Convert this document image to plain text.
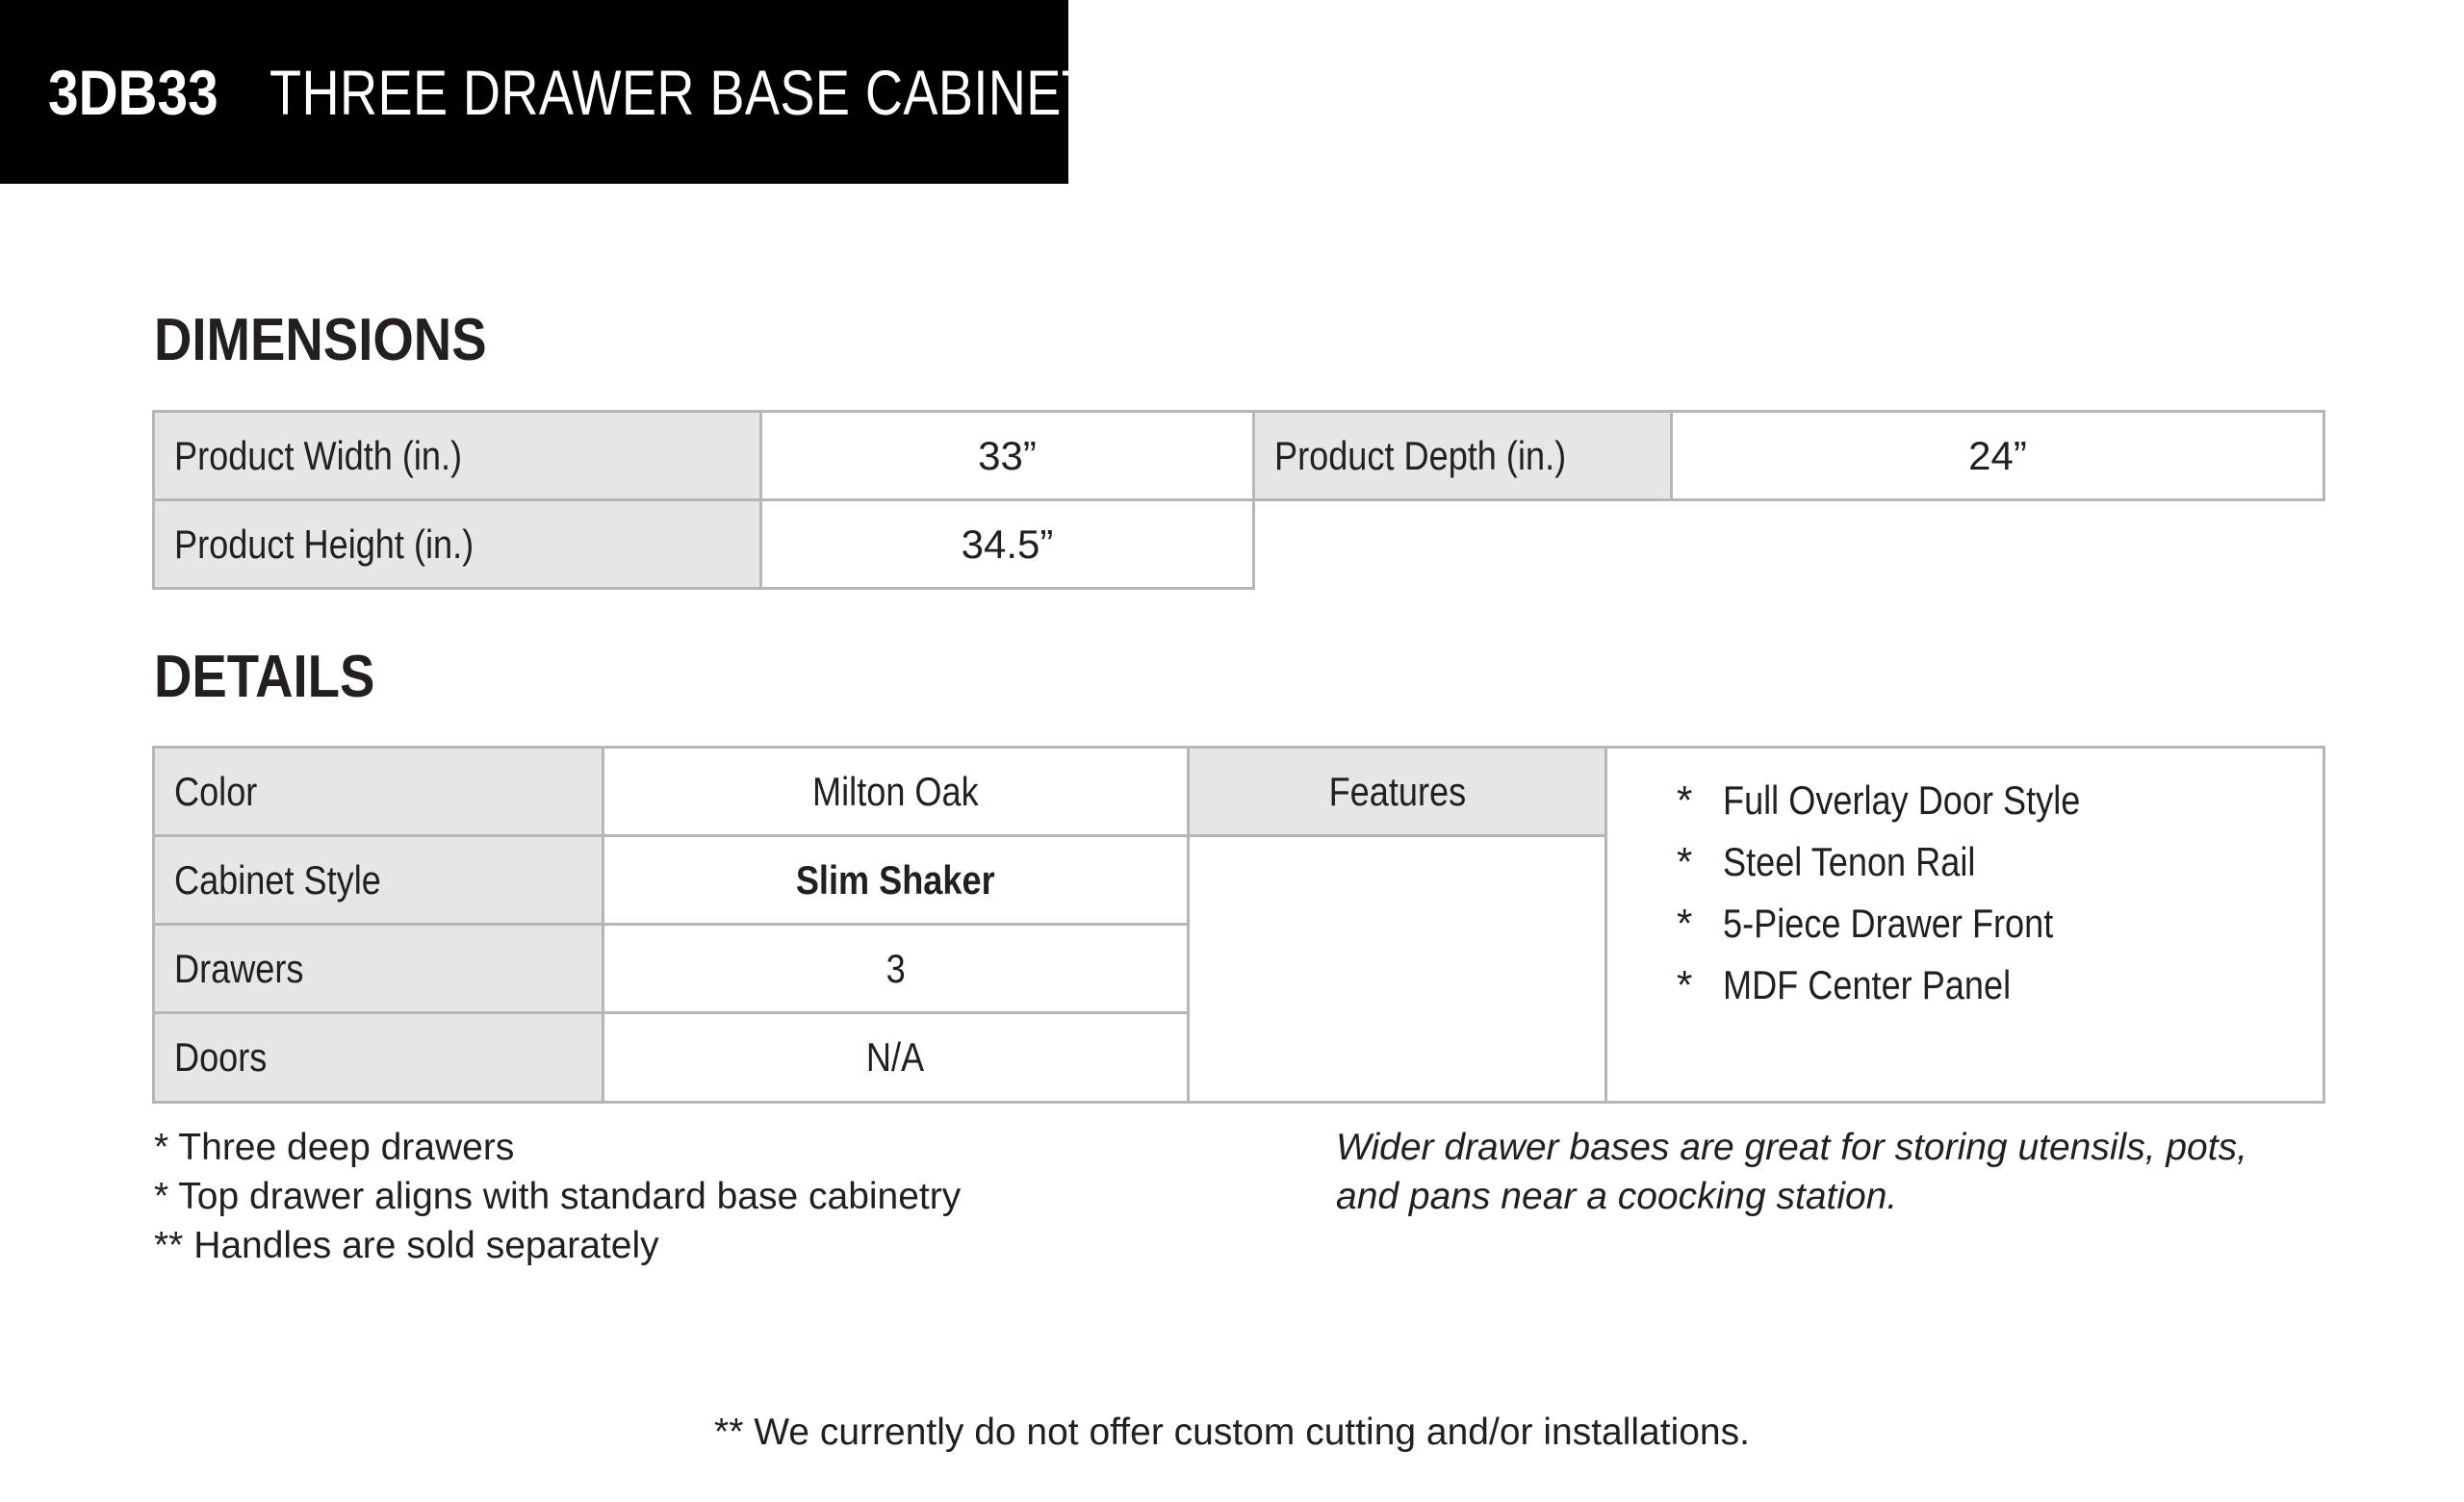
3DB33 THREE DRAWER BASE CABINET
DIMENSIONS
Product Width (in.)	33”	Product Depth (in.)	24”
Product Height (in.)	34.5”
DETAILS
Color	Milton Oak
Cabinet Style	Slim Shaker
Drawers	3
Doors	N/A
Features	* Full Overlay Door Style
* Steel Tenon Rail
* 5-Piece Drawer Front
* MDF Center Panel
* Three deep drawers
* Top drawer aligns with standard base cabinetry
** Handles are sold separately
Wider drawer bases are great for storing utensils, pots,
and pans near a coocking station.
** We currently do not offer custom cutting and/or installations.
